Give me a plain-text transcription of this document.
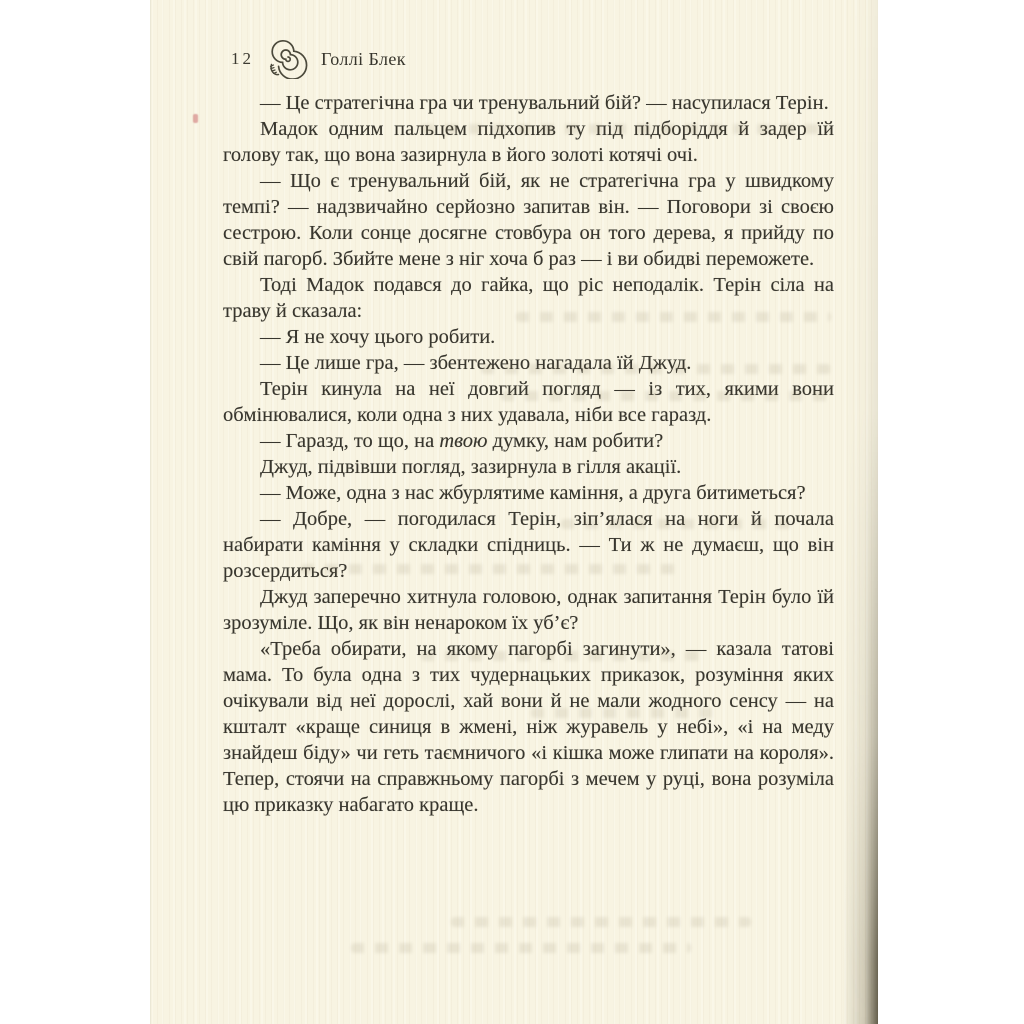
12	Голлі Блек

— Це стратегічна гра чи тренувальний бій? — насупилася Терін.

Мадок одним пальцем підхопив ту під підборіддя й задер їй голову так, що вона зазирнула в його золоті котячі очі.

— Що є тренувальний бій, як не стратегічна гра у швидкому темпі? — надзвичайно серйозно запитав він. — Поговори зі своєю сестрою. Коли сонце досягне стовбура он того дерева, я прийду по свій пагорб. Збийте мене з ніг хоча б раз — і ви обидві переможете.

Тоді Мадок подався до гайка, що ріс неподалік. Терін сіла на траву й сказала:

— Я не хочу цього робити.

— Це лише гра, — збентежено нагадала їй Джуд.

Терін кинула на неї довгий погляд — із тих, якими вони обмінювалися, коли одна з них удавала, ніби все гаразд.

— Гаразд, то що, на твою думку, нам робити?

Джуд, підвівши погляд, зазирнула в гілля акації.

— Може, одна з нас жбурлятиме каміння, а друга битиметься?

— Добре, — погодилася Терін, зіп’ялася на ноги й почала набирати каміння у складки спідниць. — Ти ж не думаєш, що він розсердиться?

Джуд заперечно хитнула головою, однак запитання Терін було їй зрозуміле. Що, як він ненароком їх уб’є?

«Треба обирати, на якому пагорбі загинути», — казала татові мама. То була одна з тих чудернацьких приказок, розуміння яких очікували від неї дорослі, хай вони й не мали жодного сенсу — на кшталт «краще синиця в жмені, ніж журавель у небі», «і на меду знайдеш біду» чи геть таємничого «і кішка може глипати на короля». Тепер, стоячи на справжньому пагорбі з мечем у руці, вона розуміла цю приказку набагато краще.
